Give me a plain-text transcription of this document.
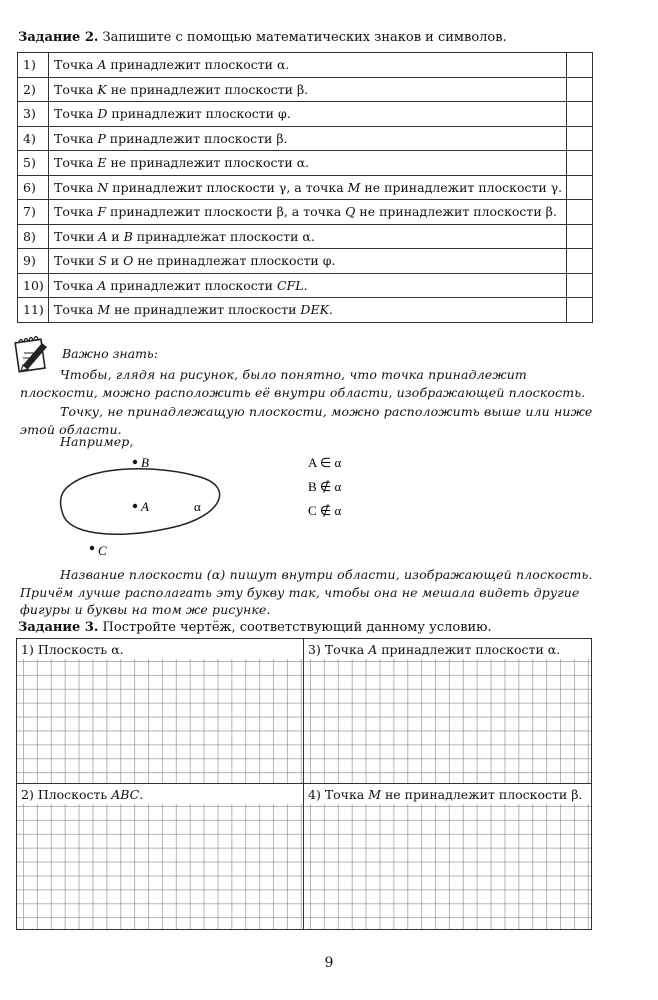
Задание 2. Запишите с помощью математических знаков и символов.
1)	Точка A принадлежит плоскости α.	
2)	Точка K не принадлежит плоскости β.	
3)	Точка D принадлежит плоскости φ.	
4)	Точка P принадлежит плоскости β.	
5)	Точка E не принадлежит плоскости α.	
6)	Точка N принадлежит плоскости γ, а точка M не принадлежит плоскости γ.	
7)	Точка F принадлежит плоскости β, а точка Q не принадлежит плоскости β.	
8)	Точки A и B принадлежат плоскости α.	
9)	Точки S и O не принадлежат плоскости φ.	
10)	Точка A принадлежит плоскости CFL.	
11)	Точка M не принадлежит плоскости DEK.	
Важно знать:
Чтобы, глядя на рисунок, было понятно, что точка принадлежит плоскости, можно расположить её внутри области, изображающей плоскость.
Точку, не принадлежащую плоскости, можно расположить выше или ниже этой области.
Например,
B
A	α
C
A ∈ α
B ∉ α
C ∉ α
Название плоскости (α) пишут внутри области, изображающей плоскость. Причём лучше располагать эту букву так, чтобы она не мешала видеть другие фигуры и буквы на том же рисунке.
Задание 3. Постройте чертёж, соответствующий данному условию.
1) Плоскость α.	3) Точка A принадлежит плоскости α.
2) Плоскость ABC.	4) Точка M не принадлежит плоскости β.
9
